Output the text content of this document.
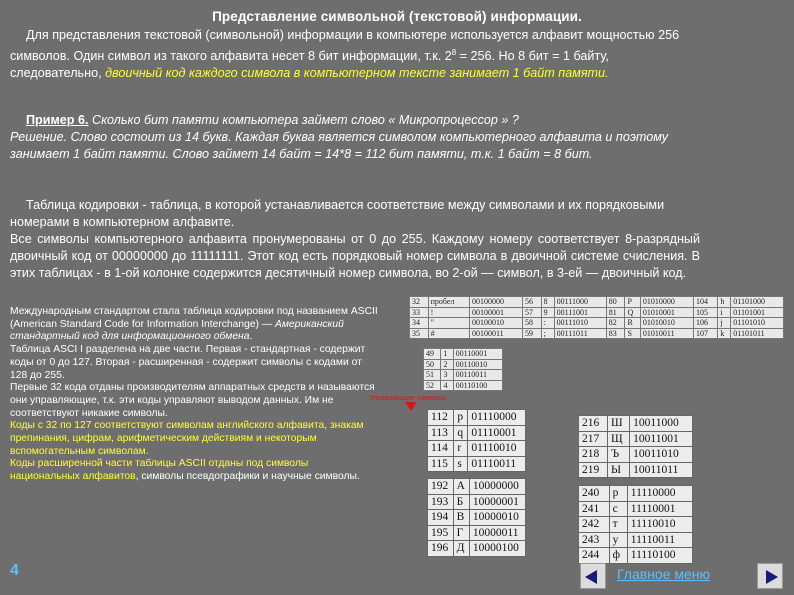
Представление символьной (текстовой) информации.
Для представления текстовой (символьной) информации в компьютере используется алфавит мощностью 256 символов. Один символ из такого алфавита несет 8 бит информации, т.к. $2^8 = 256$. Но 8 бит = 1 байту, следовательно, двоичный код каждого символа в компьютерном тексте занимает 1 байт памяти.
Пример 6. Сколько бит памяти компьютера займет слово « Микропроцессор » ?
Решение. Слово состоит из 14 букв. Каждая буква является символом компьютерного алфавита и поэтому занимает 1 байт памяти. Слово займет 14 байт = 14*8 = 112 бит памяти, т.к. 1 байт = 8 бит.
Таблица кодировки - таблица, в которой устанавливается соответствие между символами и их порядковыми номерами в компьютерном алфавите.

Все символы компьютерного алфавита пронумерованы от 0 до 255. Каждому номеру соответствует 8-разрядный двоичный код от 00000000 до 11111111. Этот код есть порядковый номер символа в двоичной системе счисления. В этих таблицах - в 1-ой колонке содержится десятичный номер символа, во 2-ой — символ, в 3-ей — двоичный код.
Международным стандартом стала таблица кодировки под названием ASCII (American Standard Code for Information Interchange) — Американский стандартный код для информационного обмена.
Таблица ASCI I разделена на две части. Первая - стандартная - содержит коды от 0 до 127. Вторая - расширенная - содержит символы с кодами от 128 до 255.
Первые 32 кода отданы производителям аппаратных средств и называются они управляющие, т.к. эти коды управляют выводом данных. Им не соответствуют никакие символы.
Коды с 32 по 127 соответствуют символам английского алфавита, знакам препинания, цифрам, арифметическим действиям и некоторым вспомогательным символам.
Коды расширенной части таблицы ASCII отданы под символы национальных алфавитов, символы псевдографики и научные символы.
32	пробел	00100000	56	8	00111000	80	P	01010000	104	h	01101000
33	!	00100001	57	9	00111001	81	Q	01010001	105	i	01101001
34	"	00100010	58	:	00111010	82	R	01010010	106	j	01101010
35	#	00100011	59	;	00111011	83	S	01010011	107	k	01101011
49	1	00110001
50	2	00110010
51	3	00110011
52	4	00110100
Управляющие символы
112	p	01110000
113	q	01110001
114	r	01110010
115	s	01110011
216	Ш	10011000
217	Щ	10011001
218	Ъ	10011010
219	Ы	10011011
192	А	10000000
193	Б	10000001
194	В	10000010
195	Г	10000011
196	Д	10000100
240	р	11110000
241	с	11110001
242	т	11110010
243	у	11110011
244	ф	11110100
4	Главное меню
